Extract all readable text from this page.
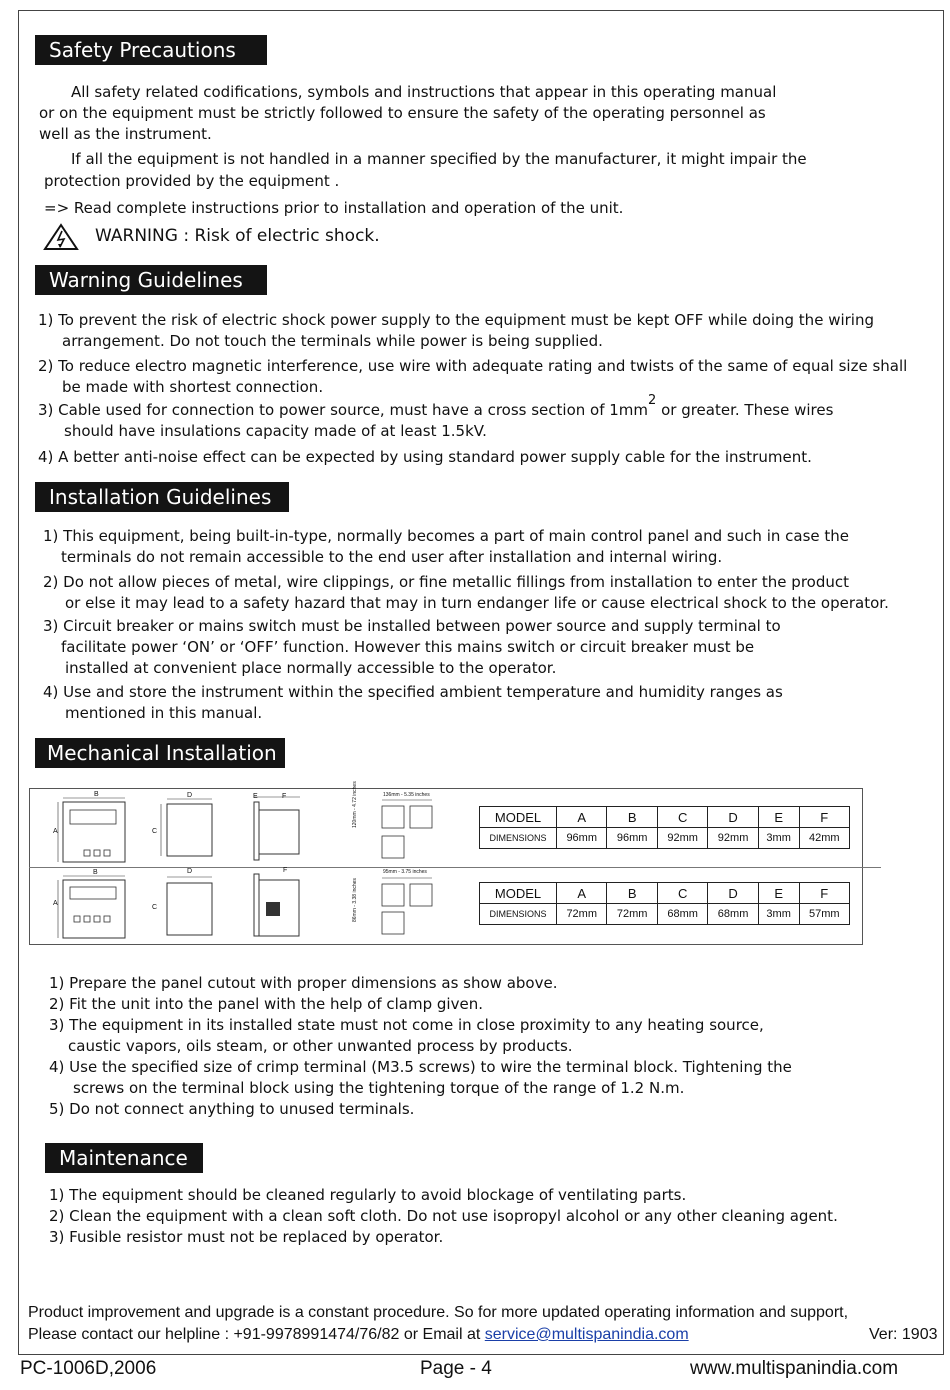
Safety Precautions
All safety related codifications, symbols and instructions that appear in this operating manual
or on the equipment must be strictly followed to ensure the safety of the operating personnel as
well as the instrument.
If all the equipment is not handled in a manner specified by the manufacturer, it might impair the
protection provided by the equipment .
=> Read complete instructions prior to installation and operation of the unit.
WARNING : Risk of electric shock.
Warning Guidelines
1) To prevent the risk of electric shock power supply to the equipment must be kept OFF while doing the wiring
arrangement. Do not touch the terminals while power is being supplied.
2) To reduce electro magnetic interference, use wire with adequate rating and twists of the same of equal size shall
be made with shortest connection.
3) Cable used for connection to power source, must have a cross section of 1mm2 or greater. These wires
should have insulations capacity made of at least 1.5kV.
4) A better anti-noise effect can be expected by using standard power supply cable for the instrument.
Installation Guidelines
1) This equipment, being built-in-type, normally becomes a part of main control panel and such in case the
terminals do not remain accessible to the end user after installation and internal wiring.
2) Do not allow pieces of metal, wire clippings, or fine metallic fillings from installation to enter the product
or else it may lead to a safety hazard that may in turn endanger life or cause electrical shock to the operator.
3) Circuit breaker or mains switch must be installed between power source and supply terminal to
facilitate power ‘ON’ or ‘OFF’ function. However this mains switch or circuit breaker must be
installed at convenient place normally accessible to the operator.
4) Use and store the instrument within the specified ambient temperature and humidity ranges as
mentioned in this manual.
Mechanical Installation
B
A
D
C
E	F	136mm - 5.35 inches
120mm - 4.72 inches	MODEL	A	B	C	D	E	F
DIMENSIONS	96mm	96mm	92mm	92mm	3mm	42mm
B
A
D
C
F	95mm - 3.75 inches
86mm - 3.38 inches	MODEL	A	B	C	D	E	F
DIMENSIONS	72mm	72mm	68mm	68mm	3mm	57mm
1) Prepare the panel cutout with proper dimensions as show above.
2) Fit the unit into the panel with the help of clamp given.
3) The equipment in its installed state must not come in close proximity to any heating source,
caustic vapors, oils steam, or other unwanted process by products.
4) Use the specified size of crimp terminal (M3.5 screws) to wire the terminal block. Tightening the
screws on the terminal block using the tightening torque of the range of 1.2 N.m.
5) Do not connect anything to unused terminals.
Maintenance
1) The equipment should be cleaned regularly to avoid blockage of ventilating parts.
2) Clean the equipment with a clean soft cloth. Do not use isopropyl alcohol or any other cleaning agent.
3) Fusible resistor must not be replaced by operator.
Product improvement and upgrade is a constant procedure. So for more updated operating information and support,
Please contact our helpline : +91-9978991474/76/82 or Email at service@multispanindia.com	Ver: 1903
PC-1006D,2006	Page - 4	www.multispanindia.com
